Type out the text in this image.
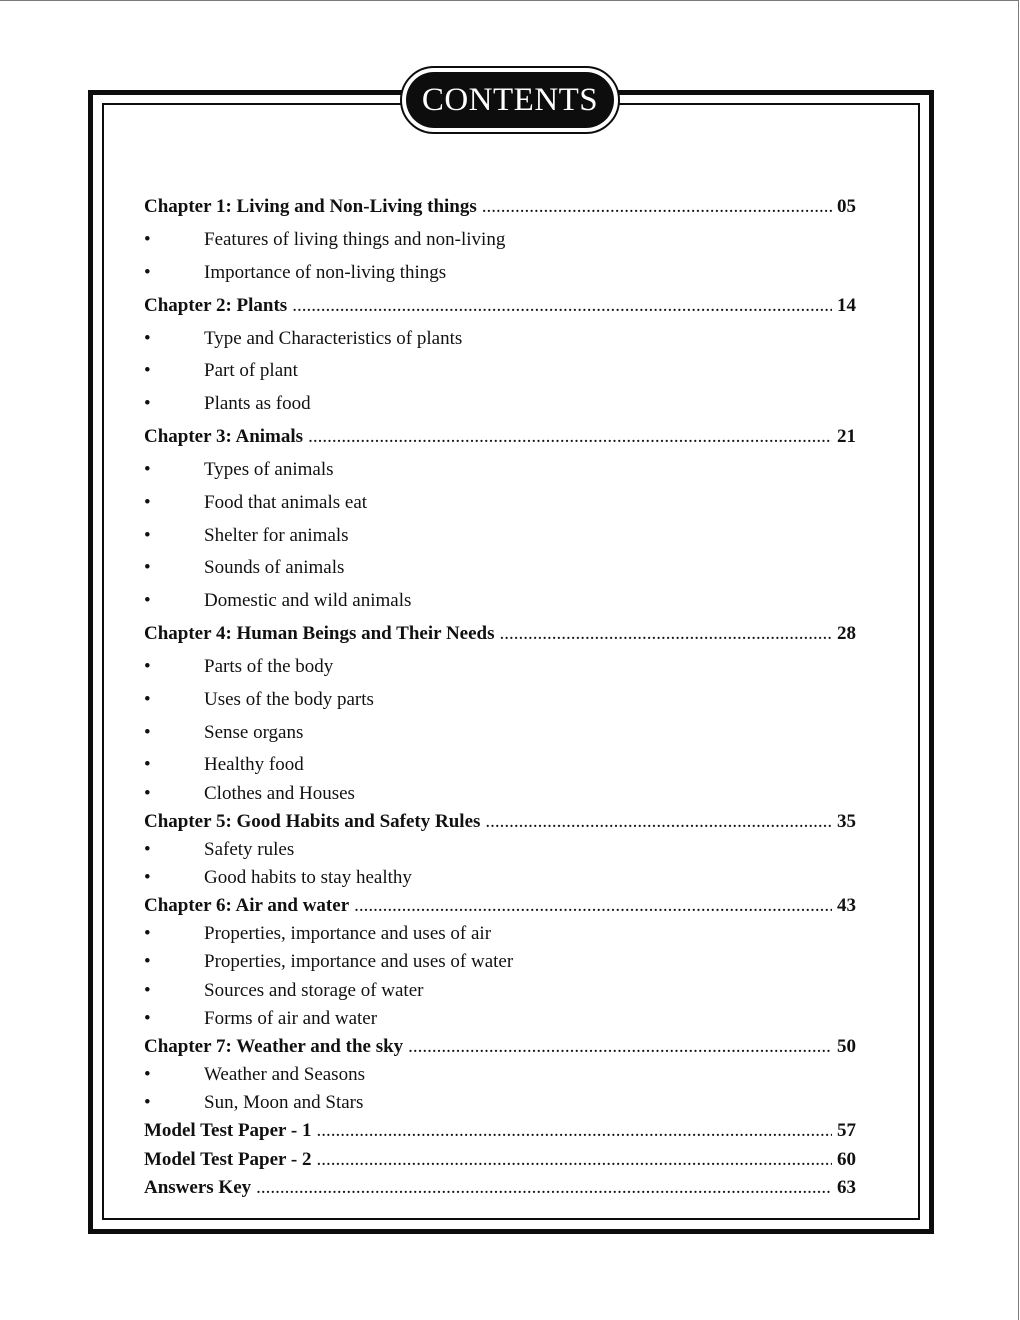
CONTENTS
Chapter 1: Living and Non-Living things .....	05
•	Features of living things and non-living
•	Importance of non-living things
Chapter 2: Plants .....	14
•	Type and Characteristics of plants
•	Part of plant
•	Plants as food
Chapter 3: Animals .....	21
•	Types of animals
•	Food that animals eat
•	Shelter for animals
•	Sounds of animals
•	Domestic and wild animals
Chapter 4: Human Beings and Their Needs .....	28
•	Parts of the body
•	Uses of the body parts
•	Sense organs
•	Healthy food
•	Clothes and Houses
Chapter 5: Good Habits and Safety Rules .....	35
•	Safety rules
•	Good habits to stay healthy
Chapter 6: Air and water .....	43
•	Properties, importance and uses of air
•	Properties, importance and uses of water
•	Sources and storage of water
•	Forms of air and water
Chapter 7: Weather and the sky .....	50
•	Weather and Seasons
•	Sun, Moon and Stars
Model Test Paper - 1 .....	57
Model Test Paper - 2 .....	60
Answers Key .....	63
